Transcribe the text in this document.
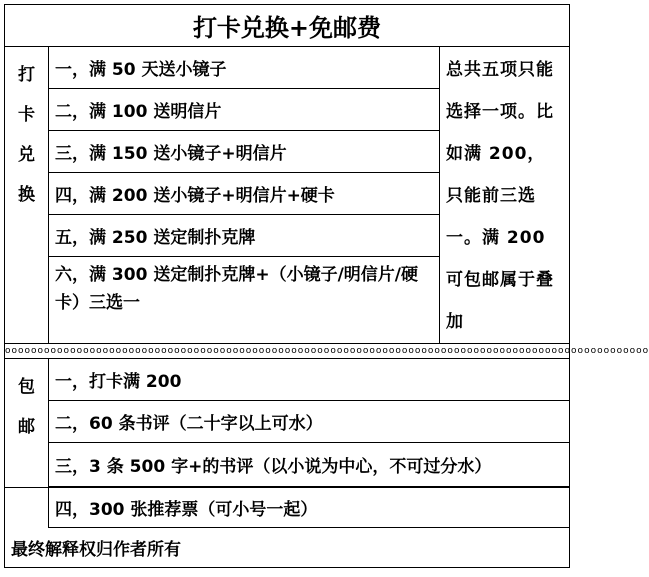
打卡兑换+免邮费
打
卡
兑
换
一，满 50 天送小镜子
二，满 100 送明信片
三，满 150 送小镜子+明信片
四，满 200 送小镜子+明信片+硬卡
五，满 250 送定制扑克牌
六，满 300 送定制扑克牌+（小镜子/明信片/硬卡）三选一
总共五项只能选择一项。比如满 200，只能前三选一。满 200 可包邮属于叠加
ooooooooooooooooooooooooooooooooooooooooooooooooooooooooooooooooooooooooooooooooooooooooooooooooooo
包
邮
一，打卡满 200
二，60 条书评（二十字以上可水）
三，3 条 500 字+的书评（以小说为中心，不可过分水）
四，300 张推荐票（可小号一起）
最终解释权归作者所有
